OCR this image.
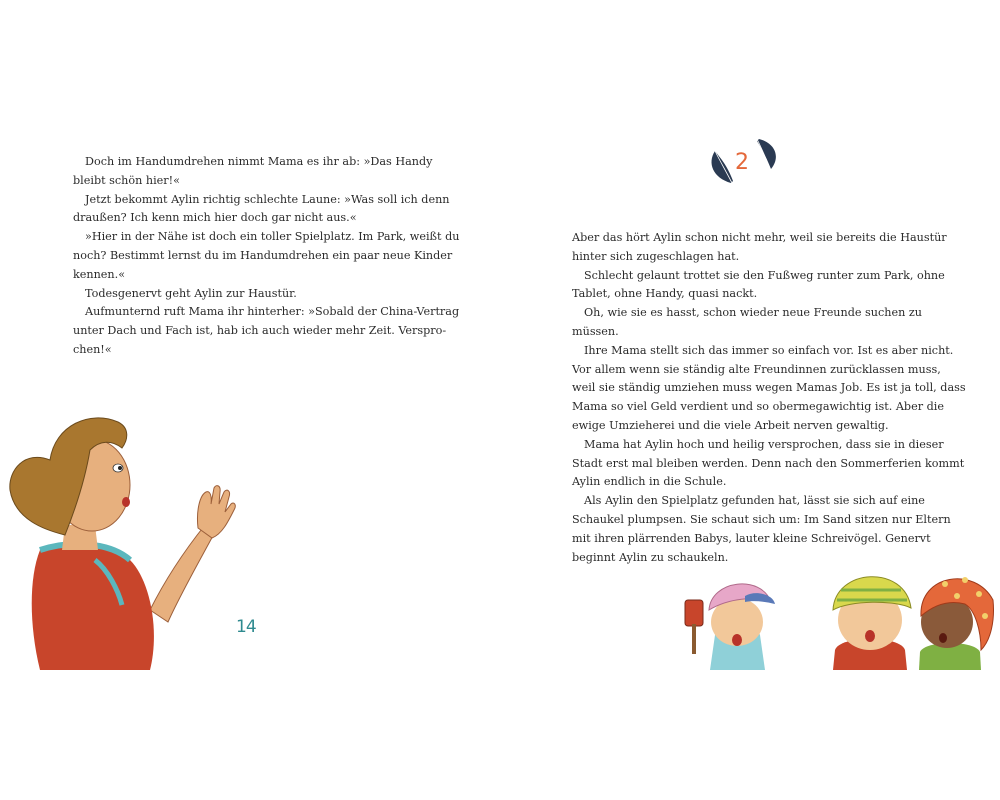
Doch im Handumdrehen nimmt Mama es ihr ab: »Das Handy
bleibt schön hier!«

Jetzt bekommt Aylin richtig schlechte Laune: »Was soll ich denn
draußen? Ich kenn mich hier doch gar nicht aus.«

»Hier in der Nähe ist doch ein toller Spielplatz. Im Park, weißt du
noch? Bestimmt lernst du im Handumdrehen ein paar neue Kinder
kennen.«

Todesgenervt geht Aylin zur Haustür.

Aufmunternd ruft Mama ihr hinterher: »Sobald der China-Vertrag
unter Dach und Fach ist, hab ich auch wieder mehr Zeit. Verspro-
chen!«

14
2

Aber das hört Aylin schon nicht mehr, weil sie bereits die Haustür
hinter sich zugeschlagen hat.

Schlecht gelaunt trottet sie den Fußweg runter zum Park, ohne
Tablet, ohne Handy, quasi nackt.

Oh, wie sie es hasst, schon wieder neue Freunde suchen zu
müssen.

Ihre Mama stellt sich das immer so einfach vor. Ist es aber nicht.
Vor allem wenn sie ständig alte Freundinnen zurücklassen muss,
weil sie ständig umziehen muss wegen Mamas Job. Es ist ja toll, dass
Mama so viel Geld verdient und so obermegawichtig ist. Aber die
ewige Umzieherei und die viele Arbeit nerven gewaltig.

Mama hat Aylin hoch und heilig versprochen, dass sie in dieser
Stadt erst mal bleiben werden. Denn nach den Sommerferien kommt
Aylin endlich in die Schule.

Als Aylin den Spielplatz gefunden hat, lässt sie sich auf eine
Schaukel plumpsen. Sie schaut sich um: Im Sand sitzen nur Eltern
mit ihren plärrenden Babys, lauter kleine Schreivögel. Genervt
beginnt Aylin zu schaukeln.
